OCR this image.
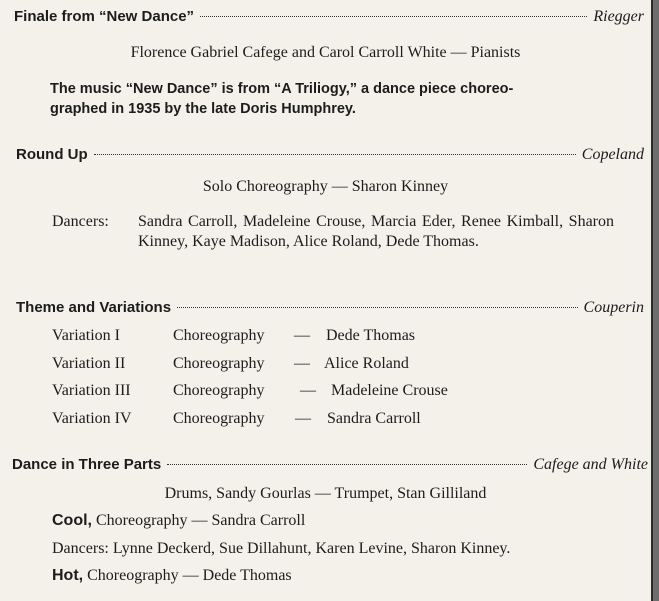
Finale from “New Dance”	Riegger
Florence Gabriel Cafege and Carol Carroll White — Pianists
The music “New Dance” is from “A Triliogy,” a dance piece choreo-
graphed in 1935 by the late Doris Humphrey.
Round Up	Copeland
Solo Choreography — Sharon Kinney
Dancers:	Sandra Carroll, Madeleine Crouse, Marcia Eder, Renee Kimball, Sharon Kinney, Kaye Madison, Alice Roland, Dede Thomas.
Theme and Variations	Couperin
Variation I	Choreography — Dede Thomas
Variation II	Choreography — Alice Roland
Variation III	Choreography — Madeleine Crouse
Variation IV	Choreography — Sandra Carroll
Dance in Three Parts	Cafege and White
Drums, Sandy Gourlas — Trumpet, Stan Gilliland
Cool, Choreography — Sandra Carroll
Dancers: Lynne Deckerd, Sue Dillahunt, Karen Levine, Sharon Kinney.
Hot, Choreography — Dede Thomas
